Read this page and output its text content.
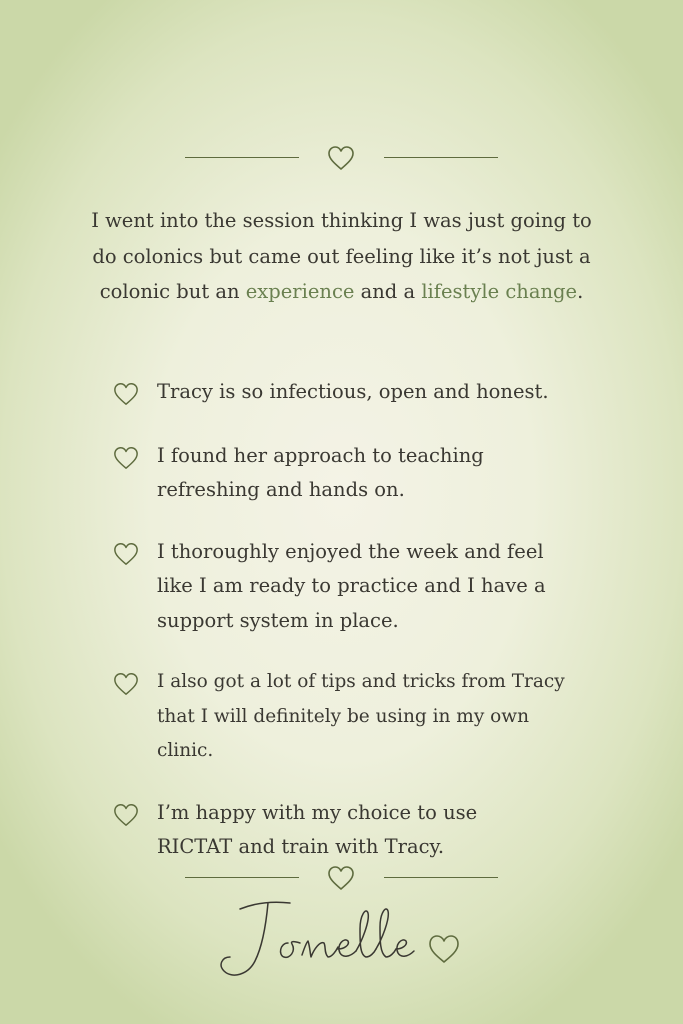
I went into the session thinking I was just going to do colonics but came out feeling like it’s not just a colonic but an experience and a lifestyle change.

Tracy is so infectious, open and honest.
I found her approach to teaching refreshing and hands on.
I thoroughly enjoyed the week and feel like I am ready to practice and I have a support system in place.
I also got a lot of tips and tricks from Tracy that I will definitely be using in my own clinic.
I’m happy with my choice to use RICTAT and train with Tracy.
